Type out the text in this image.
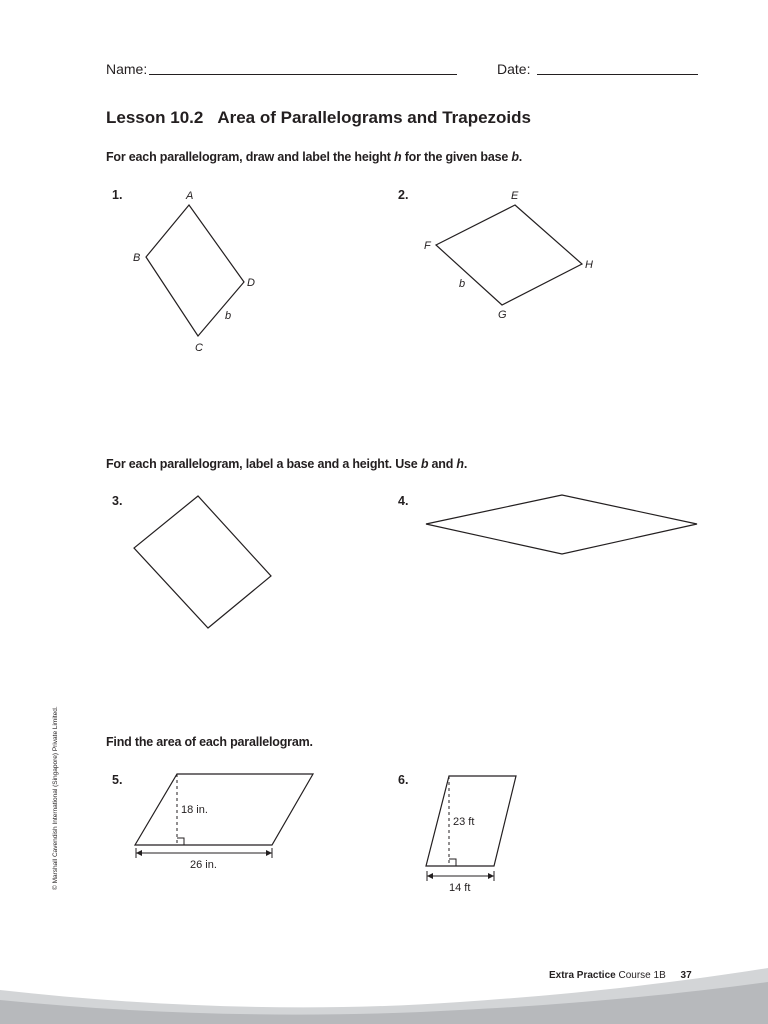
Name:	Date:
Lesson 10.2 Area of Parallelograms and Trapezoids
For each parallelogram, draw and label the height h for the given base b.
1.	A
B
C
D
b
2.	E
F
G
H
b
For each parallelogram, label a base and a height. Use b and h.
3.	4.
Find the area of each parallelogram.
5.
18 in.
26 in.
6.
23 ft
14 ft
© Marshall Cavendish International (Singapore) Private Limited.
Extra Practice Course 1B 37
